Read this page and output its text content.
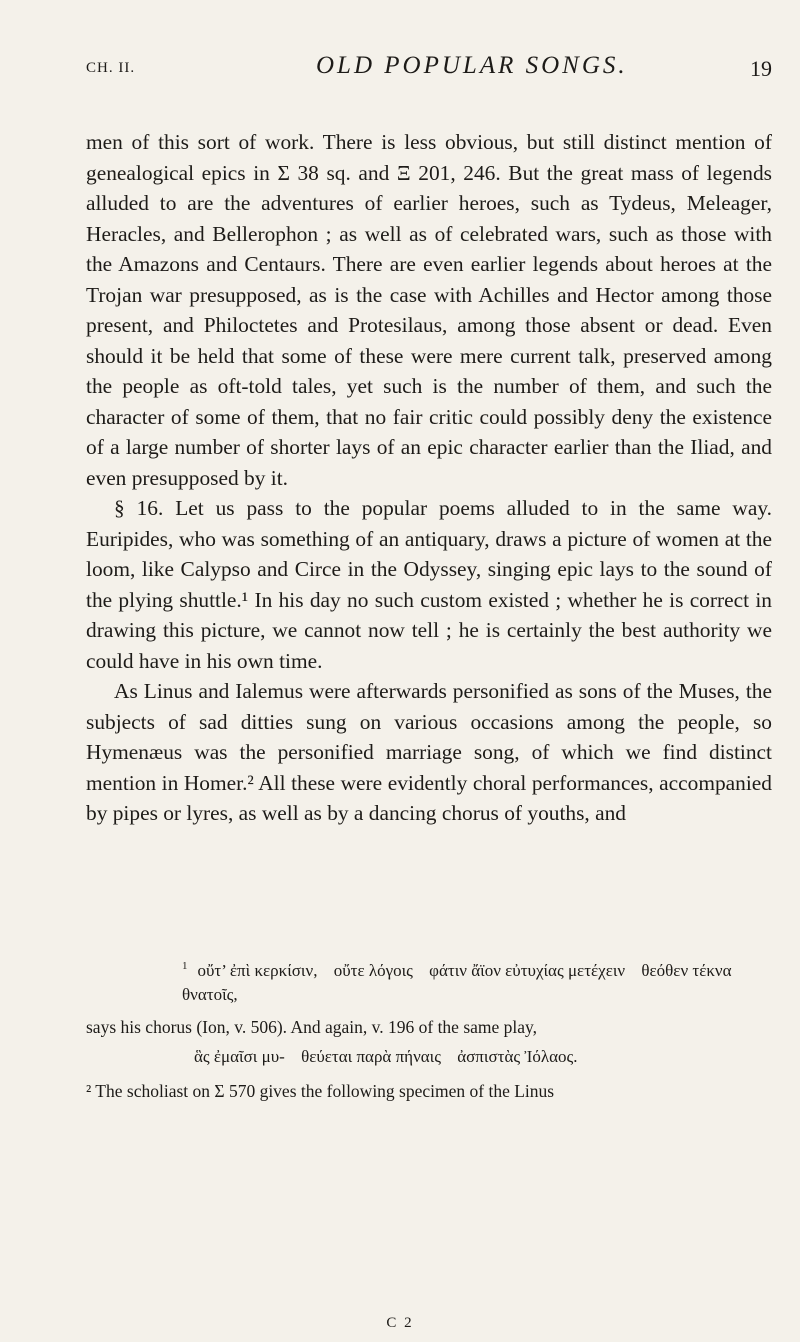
CH. II.	OLD POPULAR SONGS.	19

men of this sort of work. There is less obvious, but still distinct mention of genealogical epics in Σ 38 sq. and Ξ 201, 246. But the great mass of legends alluded to are the adventures of earlier heroes, such as Tydeus, Meleager, Heracles, and Bellerophon ; as well as of celebrated wars, such as those with the Amazons and Centaurs. There are even earlier legends about heroes at the Trojan war presupposed, as is the case with Achilles and Hector among those present, and Philoctetes and Protesilaus, among those absent or dead. Even should it be held that some of these were mere current talk, preserved among the people as oft-told tales, yet such is the number of them, and such the character of some of them, that no fair critic could possibly deny the existence of a large number of shorter lays of an epic character earlier than the Iliad, and even presupposed by it.

§ 16. Let us pass to the popular poems alluded to in the same way. Euripides, who was something of an antiquary, draws a picture of women at the loom, like Calypso and Circe in the Odyssey, singing epic lays to the sound of the plying shuttle.¹ In his day no such custom existed ; whether he is correct in drawing this picture, we cannot now tell ; he is certainly the best authority we could have in his own time.

As Linus and Ialemus were afterwards personified as sons of the Muses, the subjects of sad ditties sung on various occasions among the people, so Hymenæus was the personified marriage song, of which we find distinct mention in Homer.² All these were evidently choral performances, accompanied by pipes or lyres, as well as by a dancing chorus of youths, and

$^1$ οὔτ’ ἐπὶ κερκίσιν, οὔτε λόγοις φάτιν ἄϊον εὐτυχίας μετέχειν θεόθεν τέκνα θνατοῖς,

says his chorus (Ion, v. 506). And again, v. 196 of the same play,

ἃς ἐμαῖσι μυ- θεύεται παρὰ πήναις ἀσπιστὰς Ἰόλαος.

² The scholiast on Σ 570 gives the following specimen of the Linus

C 2
